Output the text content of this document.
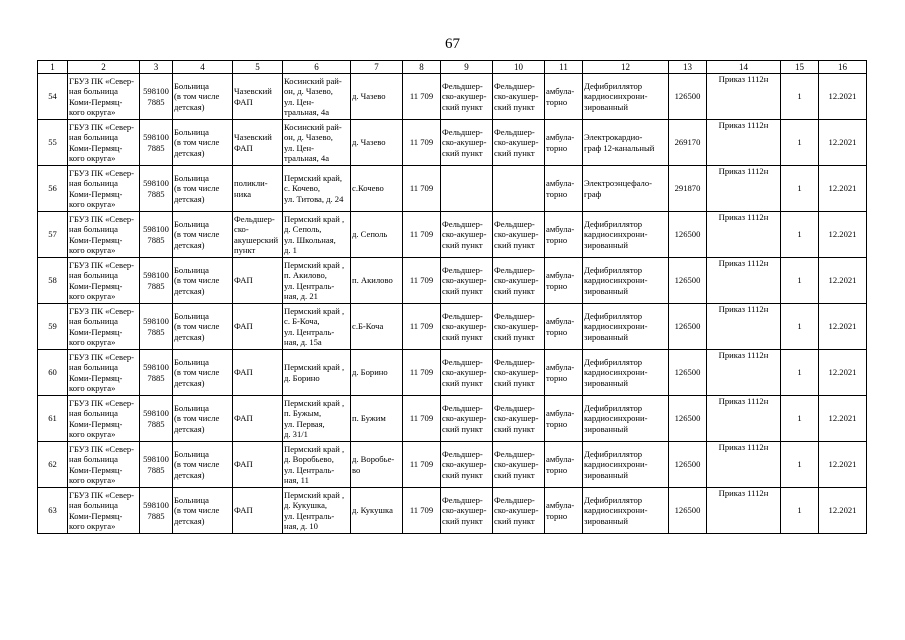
67
1	2	3	4	5	6	7	8	9	10	11	12	13	14	15	16
54	ГБУЗ ПК «Север-
ная больница
Коми-Пермяц-
кого округа»	598100
7885	Больница
(в том числе
детская)	Чазевский
ФАП	Косинский рай-
он, д. Чазево,
ул. Цен-
тральная, 4а	д. Чазево	11 709	Фельдшер-
ско-акушер-
ский пункт	Фельдшер-
ско-акушер-
ский пункт	амбула-
торно	Дефибриллятор
кардиосинхрони-
зированный	126500	Приказ 1112н	1	12.2021
55	ГБУЗ ПК «Север-
ная больница
Коми-Пермяц-
кого округа»	598100
7885	Больница
(в том числе
детская)	Чазевский
ФАП	Косинский рай-
он, д. Чазево,
ул. Цен-
тральная, 4а	д. Чазево	11 709	Фельдшер-
ско-акушер-
ский пункт	Фельдшер-
ско-акушер-
ский пункт	амбула-
торно	Электрокардио-
граф 12-канальный	269170	Приказ 1112н	1	12.2021
56	ГБУЗ ПК «Север-
ная больница
Коми-Пермяц-
кого округа»	598100
7885	Больница
(в том числе
детская)	поликли-
ника	Пермский край,
с. Кочево,
ул. Титова, д. 24	с.Кочево	11 709			амбула-
торно	Электроэнцефало-
граф	291870	Приказ 1112н	1	12.2021
57	ГБУЗ ПК «Север-
ная больница
Коми-Пермяц-
кого округа»	598100
7885	Больница
(в том числе
детская)	Фельдшер-
ско-
акушерский
пункт	Пермский край ,
д. Сеполь,
ул. Школьная,
д. 1	д. Сеполь	11 709	Фельдшер-
ско-акушер-
ский пункт	Фельдшер-
ско-акушер-
ский пункт	амбула-
торно	Дефибриллятор
кардиосинхрони-
зированный	126500	Приказ 1112н	1	12.2021
58	ГБУЗ ПК «Север-
ная больница
Коми-Пермяц-
кого округа»	598100
7885	Больница
(в том числе
детская)	ФАП	Пермский край ,
п. Акилово,
ул. Централь-
ная, д. 21	п. Акилово	11 709	Фельдшер-
ско-акушер-
ский пункт	Фельдшер-
ско-акушер-
ский пункт	амбула-
торно	Дефибриллятор
кардиосинхрони-
зированный	126500	Приказ 1112н	1	12.2021
59	ГБУЗ ПК «Север-
ная больница
Коми-Пермяц-
кого округа»	598100
7885	Больница
(в том числе
детская)	ФАП	Пермский край ,
с. Б-Коча,
ул. Централь-
ная, д. 15а	с.Б-Коча	11 709	Фельдшер-
ско-акушер-
ский пункт	Фельдшер-
ско-акушер-
ский пункт	амбула-
торно	Дефибриллятор
кардиосинхрони-
зированный	126500	Приказ 1112н	1	12.2021
60	ГБУЗ ПК «Север-
ная больница
Коми-Пермяц-
кого округа»	598100
7885	Больница
(в том числе
детская)	ФАП	Пермский край ,
д. Борино	д. Борино	11 709	Фельдшер-
ско-акушер-
ский пункт	Фельдшер-
ско-акушер-
ский пункт	амбула-
торно	Дефибриллятор
кардиосинхрони-
зированный	126500	Приказ 1112н	1	12.2021
61	ГБУЗ ПК «Север-
ная больница
Коми-Пермяц-
кого округа»	598100
7885	Больница
(в том числе
детская)	ФАП	Пермский край ,
п. Бужым,
ул. Первая,
д. 31/1	п. Бужим	11 709	Фельдшер-
ско-акушер-
ский пункт	Фельдшер-
ско-акушер-
ский пункт	амбула-
торно	Дефибриллятор
кардиосинхрони-
зированный	126500	Приказ 1112н	1	12.2021
62	ГБУЗ ПК «Север-
ная больница
Коми-Пермяц-
кого округа»	598100
7885	Больница
(в том числе
детская)	ФАП	Пермский край ,
д. Воробьево,
ул. Централь-
ная, 11	д. Воробье-
во	11 709	Фельдшер-
ско-акушер-
ский пункт	Фельдшер-
ско-акушер-
ский пункт	амбула-
торно	Дефибриллятор
кардиосинхрони-
зированный	126500	Приказ 1112н	1	12.2021
63	ГБУЗ ПК «Север-
ная больница
Коми-Пермяц-
кого округа»	598100
7885	Больница
(в том числе
детская)	ФАП	Пермский край ,
д. Кукушка,
ул. Централь-
ная, д. 10	д. Кукушка	11 709	Фельдшер-
ско-акушер-
ский пункт	Фельдшер-
ско-акушер-
ский пункт	амбула-
торно	Дефибриллятор
кардиосинхрони-
зированный	126500	Приказ 1112н	1	12.2021
